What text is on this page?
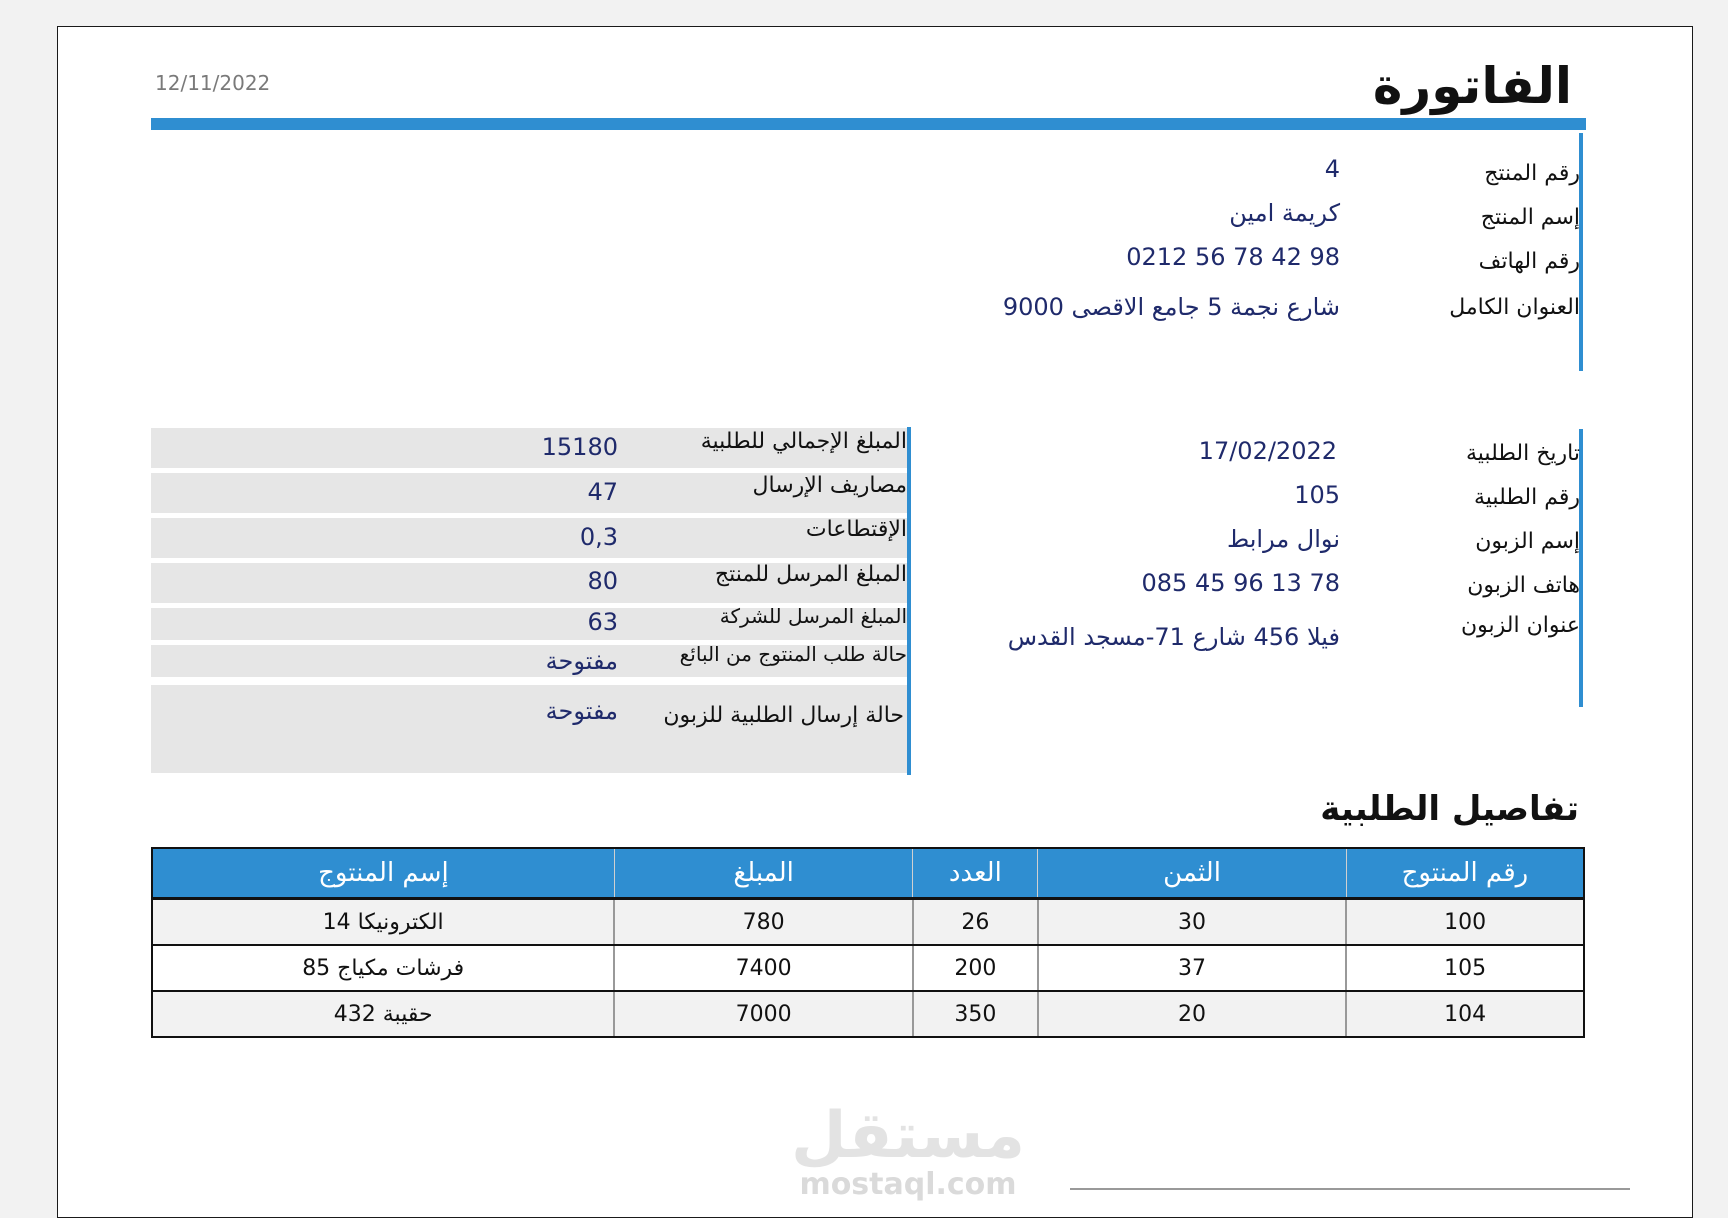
الفاتورة
12/11/2022
رقم المنتج
4
إسم المنتج
كريمة امين
رقم الهاتف
0212 56 78 42 98
العنوان الكامل
شارع نجمة 5 جامع الاقصى 9000
تاريخ الطلبية
17/02/2022
رقم الطلبية
105
إسم الزبون
نوال مرابط
هاتف الزبون
085 45 96 13 78
عنوان الزبون
فيلا 456 شارع 71-مسجد القدس
المبلغ الإجمالي للطلبية
15180
مصاريف الإرسال
47
الإقتطاعات
0,3
المبلغ المرسل للمنتج
80
المبلغ المرسل للشركة
63
حالة طلب المنتوج من البائع
مفتوحة
حالة إرسال الطلبية للزبون
مفتوحة
تفاصيل الطلبية
رقم المنتوج	الثمن	العدد	المبلغ	إسم المنتوج
100	30	26	780	الكترونيكا 14
105	37	200	7400	فرشات مكياج 85
104	20	350	7000	حقيبة 432
مستقل
mostaql.com
